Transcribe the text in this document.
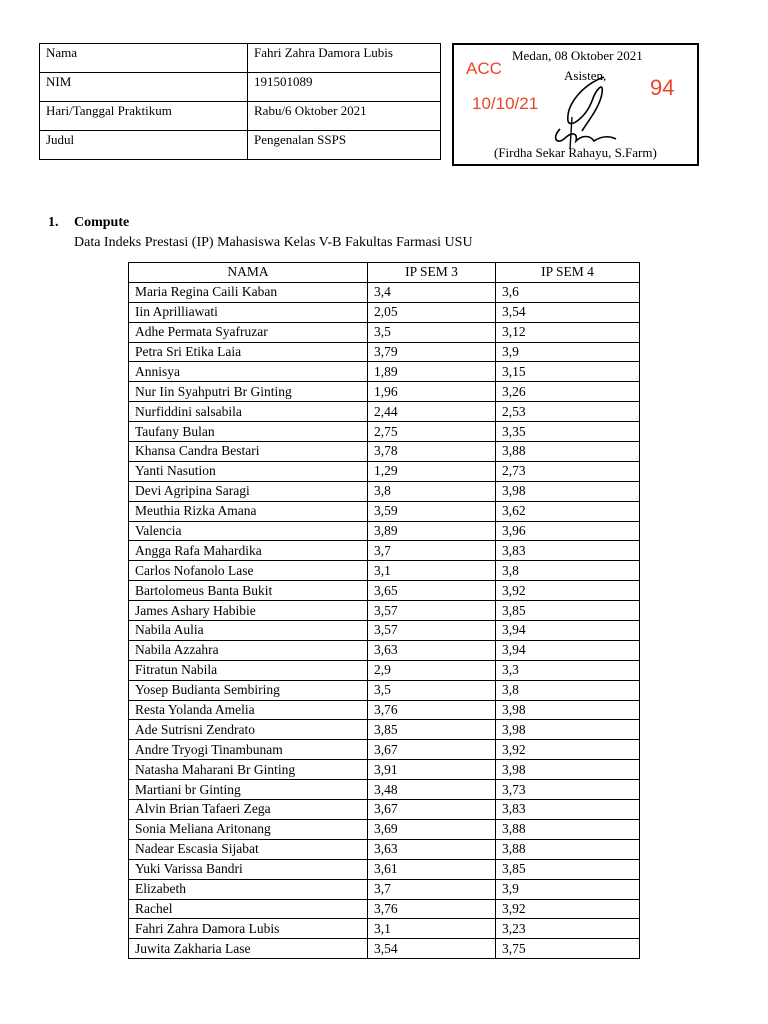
Nama	Fahri Zahra Damora Lubis
NIM	191501089
Hari/Tanggal Praktikum	Rabu/6 Oktober 2021
Judul	Pengenalan SSPS
Medan, 08 Oktober 2021
Asisten,
ACC
10/10/21
94
(Firdha Sekar Rahayu, S.Farm)
1. Compute
Data Indeks Prestasi (IP) Mahasiswa Kelas V-B Fakultas Farmasi USU
NAMA	IP SEM 3	IP SEM 4
Maria Regina Caili Kaban	3,4	3,6
Iin Aprilliawati	2,05	3,54
Adhe Permata Syafruzar	3,5	3,12
Petra Sri Etika Laia	3,79	3,9
Annisya	1,89	3,15
Nur Iin Syahputri Br Ginting	1,96	3,26
Nurfiddini salsabila	2,44	2,53
Taufany Bulan	2,75	3,35
Khansa Candra Bestari	3,78	3,88
Yanti Nasution	1,29	2,73
Devi Agripina Saragi	3,8	3,98
Meuthia Rizka Amana	3,59	3,62
Valencia	3,89	3,96
Angga Rafa Mahardika	3,7	3,83
Carlos Nofanolo Lase	3,1	3,8
Bartolomeus Banta Bukit	3,65	3,92
James Ashary Habibie	3,57	3,85
Nabila Aulia	3,57	3,94
Nabila Azzahra	3,63	3,94
Fitratun Nabila	2,9	3,3
Yosep Budianta Sembiring	3,5	3,8
Resta Yolanda Amelia	3,76	3,98
Ade Sutrisni Zendrato	3,85	3,98
Andre Tryogi Tinambunam	3,67	3,92
Natasha Maharani Br Ginting	3,91	3,98
Martiani br Ginting	3,48	3,73
Alvin Brian Tafaeri Zega	3,67	3,83
Sonia Meliana Aritonang	3,69	3,88
Nadear Escasia Sijabat	3,63	3,88
Yuki Varissa Bandri	3,61	3,85
Elizabeth	3,7	3,9
Rachel	3,76	3,92
Fahri Zahra Damora Lubis	3,1	3,23
Juwita Zakharia Lase	3,54	3,75
